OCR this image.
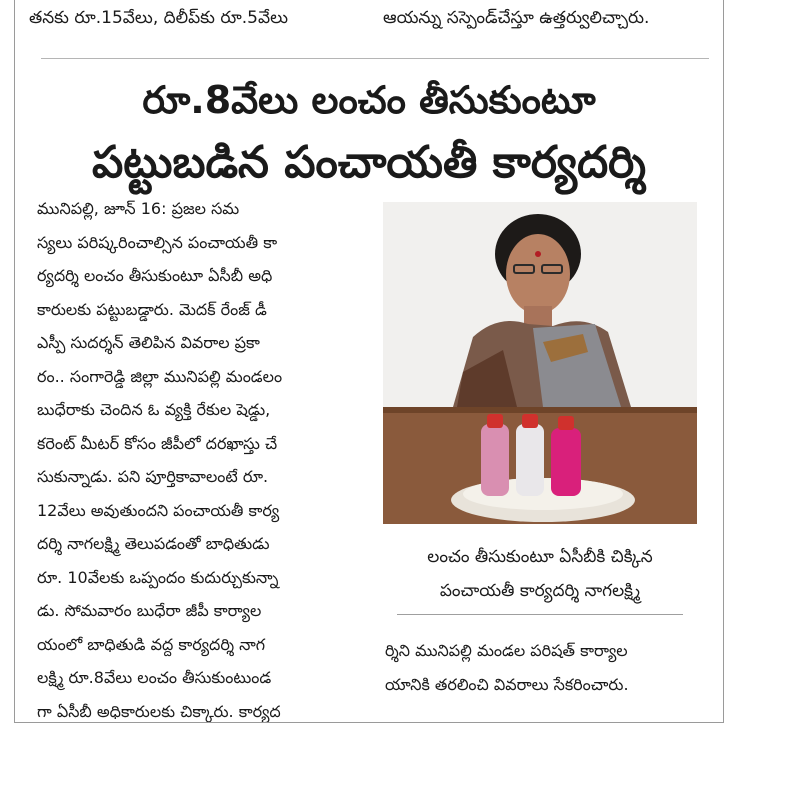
తనకు రూ.15వేలు, దిలీప్‌కు రూ.5వేలు	ఆయన్ను సస్పెండ్‌చేస్తూ ఉత్తర్వులిచ్చారు.
రూ.8వేలు లంచం తీసుకుంటూ
పట్టుబడిన పంచాయతీ కార్యదర్శి
మునిపల్లి, జూన్ 16: ప్రజల సమ
స్యలు పరిష్కరించాల్సిన పంచాయతీ కా
ర్యదర్శి లంచం తీసుకుంటూ ఏసీబీ అధి
కారులకు పట్టుబడ్డారు. మెదక్ రేంజ్ డీ
ఎస్పీ సుదర్శన్ తెలిపిన వివరాల ప్రకా
రం.. సంగారెడ్డి జిల్లా మునిపల్లి మండలం
బుధేరాకు చెందిన ఓ వ్యక్తి రేకుల షెడ్డు,
కరెంట్ మీటర్ కోసం జీపీలో దరఖాస్తు చే
సుకున్నాడు. పని పూర్తికావాలంటే రూ.
12వేలు అవుతుందని పంచాయతీ కార్య
దర్శి నాగలక్ష్మి తెలుపడంతో బాధితుడు
రూ. 10వేలకు ఒప్పందం కుదుర్చుకున్నా
డు. సోమవారం బుధేరా జీపీ కార్యాల
యంలో బాధితుడి వద్ద కార్యదర్శి నాగ
లక్ష్మి రూ.8వేలు లంచం తీసుకుంటుండ
గా ఏసీబీ అధికారులకు చిక్కారు. కార్యద
లంచం తీసుకుంటూ ఏసీబీకి చిక్కిన
పంచాయతీ కార్యదర్శి నాగలక్ష్మి
ర్శిని మునిపల్లి మండల పరిషత్ కార్యాల
యానికి తరలించి వివరాలు సేకరించారు.
